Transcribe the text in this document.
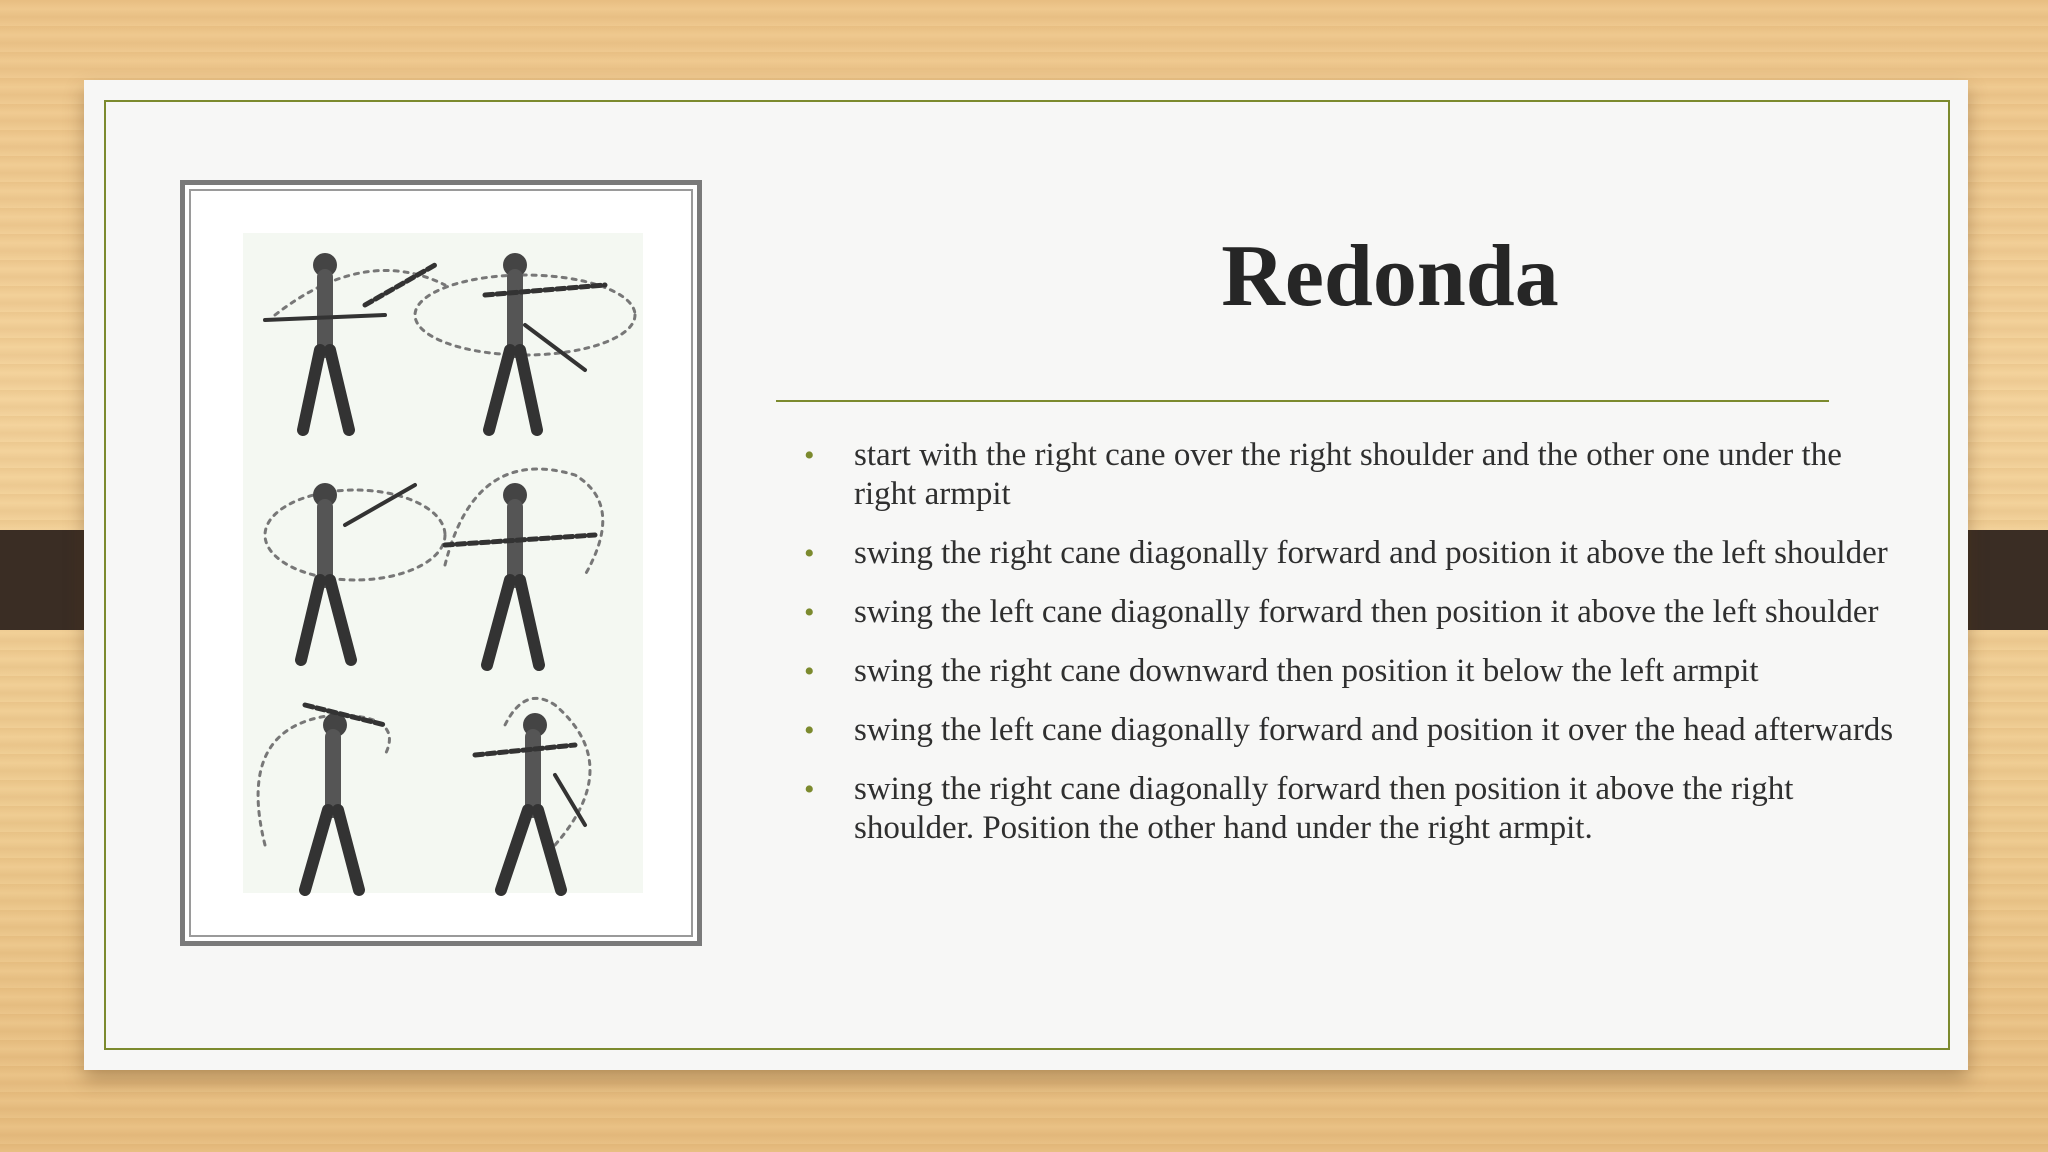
Redonda
• start with the right cane over the right shoulder and the other one under the right armpit
• swing the right cane diagonally forward and position it above the left shoulder
• swing the left cane diagonally forward then position it above the left shoulder
• swing the right cane downward then position it below the left armpit
• swing the left cane diagonally forward and position it over the head afterwards
• swing the right cane diagonally forward then position it above the right shoulder. Position the other hand under the right armpit.
